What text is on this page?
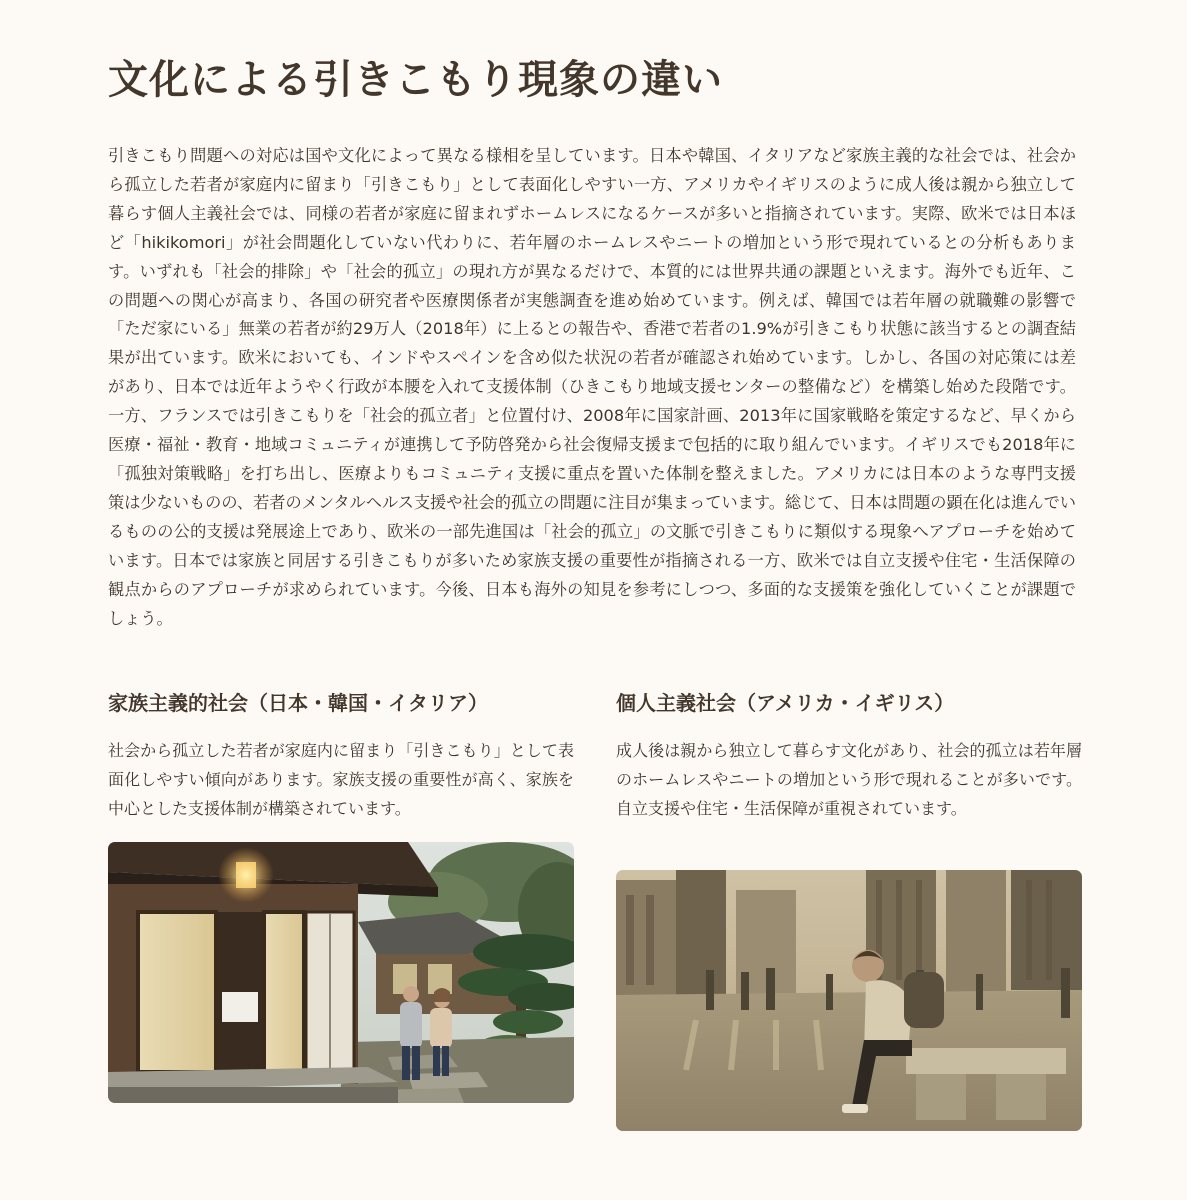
文化による引きこもり現象の違い

引きこもり問題への対応は国や文化によって異なる様相を呈しています。日本や韓国、イタリアなど家族主義的な社会では、社会から孤立した若者が家庭内に留まり「引きこもり」として表面化しやすい一方、アメリカやイギリスのように成人後は親から独立して暮らす個人主義社会では、同様の若者が家庭に留まれずホームレスになるケースが多いと指摘されています。実際、欧米では日本ほど「hikikomori」が社会問題化していない代わりに、若年層のホームレスやニートの増加という形で現れているとの分析もあります。いずれも「社会的排除」や「社会的孤立」の現れ方が異なるだけで、本質的には世界共通の課題といえます。海外でも近年、この問題への関心が高まり、各国の研究者や医療関係者が実態調査を進め始めています。例えば、韓国では若年層の就職難の影響で「ただ家にいる」無業の若者が約29万人（2018年）に上るとの報告や、香港で若者の1.9%が引きこもり状態に該当するとの調査結果が出ています。欧米においても、インドやスペインを含め似た状況の若者が確認され始めています。しかし、各国の対応策には差があり、日本では近年ようやく行政が本腰を入れて支援体制（ひきこもり地域支援センターの整備など）を構築し始めた段階です。一方、フランスでは引きこもりを「社会的孤立者」と位置付け、2008年に国家計画、2013年に国家戦略を策定するなど、早くから医療・福祉・教育・地域コミュニティが連携して予防啓発から社会復帰支援まで包括的に取り組んでいます。イギリスでも2018年に「孤独対策戦略」を打ち出し、医療よりもコミュニティ支援に重点を置いた体制を整えました。アメリカには日本のような専門支援策は少ないものの、若者のメンタルヘルス支援や社会的孤立の問題に注目が集まっています。総じて、日本は問題の顕在化は進んでいるものの公的支援は発展途上であり、欧米の一部先進国は「社会的孤立」の文脈で引きこもりに類似する現象へアプローチを始めています。日本では家族と同居する引きこもりが多いため家族支援の重要性が指摘される一方、欧米では自立支援や住宅・生活保障の観点からのアプローチが求められています。今後、日本も海外の知見を参考にしつつ、多面的な支援策を強化していくことが課題でしょう。

家族主義的社会（日本・韓国・イタリア）

社会から孤立した若者が家庭内に留まり「引きこもり」として表面化しやすい傾向があります。家族支援の重要性が高く、家族を中心とした支援体制が構築されています。

個人主義社会（アメリカ・イギリス）

成人後は親から独立して暮らす文化があり、社会的孤立は若年層のホームレスやニートの増加という形で現れることが多いです。自立支援や住宅・生活保障が重視されています。
